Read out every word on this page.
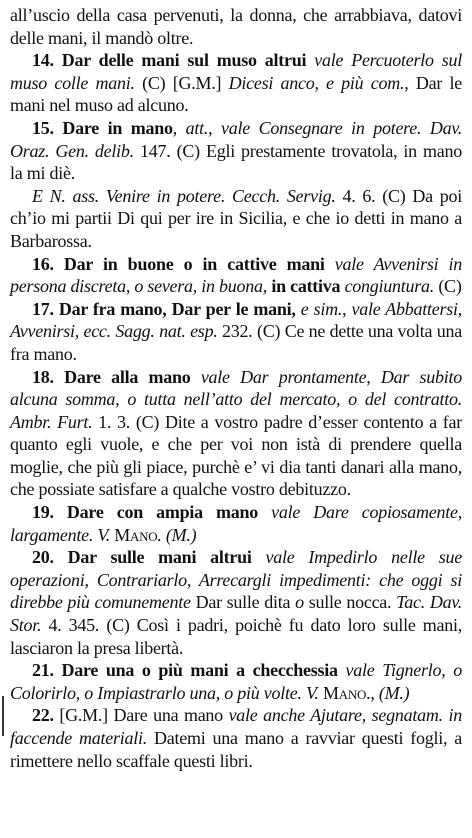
all’uscio della casa pervenuti, la donna, che arrabbiava, datovi delle mani, il mandò oltre.

14. Dar delle mani sul muso altrui vale Percuoterlo sul muso colle mani. (C) [G.M.] Dicesi anco, e più com., Dar le mani nel muso ad alcuno.

15. Dare in mano, att., vale Consegnare in potere. Dav. Oraz. Gen. delib. 147. (C) Egli prestamente trovatola, in mano la mi diè.

E N. ass. Venire in potere. Cecch. Servig. 4. 6. (C) Da poi ch’io mi partii Di qui per ire in Sicilia, e che io detti in mano a Barbarossa.

16. Dar in buone o in cattive mani vale Avvenirsi in persona discreta, o severa, in buona, in cattiva congiuntura. (C)

17. Dar fra mano, Dar per le mani, e sim., vale Abbattersi, Avvenirsi, ecc. Sagg. nat. esp. 232. (C) Ce ne dette una volta una fra mano.

18. Dare alla mano vale Dar prontamente, Dar subito alcuna somma, o tutta nell’atto del mercato, o del contratto. Ambr. Furt. 1. 3. (C) Dite a vostro padre d’esser contento a far quanto egli vuole, e che per voi non istà di prendere quella moglie, che più gli piace, purchè e’ vi dia tanti danari alla mano, che possiate satisfare a qualche vostro debituzzo.

19. Dare con ampia mano vale Dare copiosamente, largamente. V. Mano. (M.)

20. Dar sulle mani altrui vale Impedirlo nelle sue operazioni, Contrariarlo, Arrecargli impedimenti: che oggi si direbbe più comunemente Dar sulle dita o sulle nocca. Tac. Dav. Stor. 4. 345. (C) Così i padri, poichè fu dato loro sulle mani, lasciaron la presa libertà.

21. Dare una o più mani a checchessia vale Tignerlo, o Colorirlo, o Impiastrarlo una, o più volte. V. Mano., (M.)

22. [G.M.] Dare una mano vale anche Ajutare, segnatam. in faccende materiali. Datemi una mano a ravviar questi fogli, a rimettere nello scaffale questi libri.
